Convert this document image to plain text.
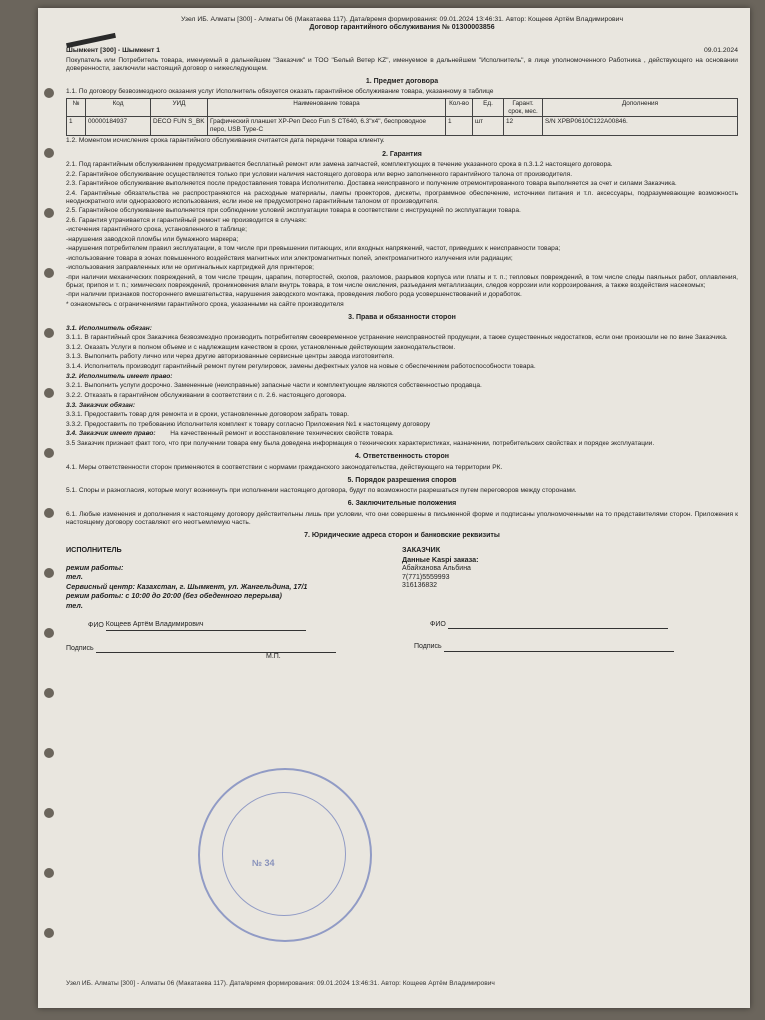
Узел ИБ. Алматы [300] - Алматы 06 (Макатаева 117). Дата/время формирования: 09.01.2024 13:46:31. Автор: Кощеев Артём Владимирович
Договор гарантийного обслуживания № 01300003856
Шымкент [300] - Шымкент 1	09.01.2024

Покупатель или Потребитель товара, именуемый в дальнейшем "Заказчик" и ТОО "Белый Ветер KZ", именуемое в дальнейшем "Исполнитель", в лице уполномоченного Работника , действующего на основании доверенности, заключили настоящий договор о нижеследующем.

1. Предмет договора

1.1. По договору безвозмездного оказания услуг Исполнитель обязуется оказать гарантийное обслуживание товара, указанному в таблице

№	Код	УИД	Наименование товара	Кол-во	Ед.	Гарант. срок, мес.	Дополнения
1	00000184937	DECO FUN S_BK	Графический планшет XP-Pen Deco Fun S CT640, 6.3"x4", беспроводное перо, USB Type-C	1	шт	12	S/N XPBP0610C122A00846.

1.2. Моментом исчисления срока гарантийного обслуживания считается дата передачи товара клиенту.

2. Гарантия

2.1. Под гарантийным обслуживанием предусматривается бесплатный ремонт или замена запчастей, комплектующих в течение указанного срока в п.3.1.2 настоящего договора.

2.2. Гарантийное обслуживание осуществляется только при условии наличия настоящего договора или верно заполненного гарантийного талона от производителя.

2.3. Гарантийное обслуживание выполняется после предоставления товара Исполнителю. Доставка неисправного и получение отремонтированного товара выполняется за счет и силами Заказчика.

2.4. Гарантийные обязательства не распространяются на расходные материалы, лампы проекторов, дискеты, программное обеспечение, источники питания и т.п. аксессуары, подразумевающие возможность неоднократного или одноразового использования, если иное не предусмотрено гарантийным талоном от производителя.

2.5. Гарантийное обслуживание выполняется при соблюдении условий эксплуатации товара в соответствии с инструкцией по эксплуатации товара.

2.6. Гарантия утрачивается и гарантийный ремонт не производится в случаях:

-истечения гарантийного срока, установленного в таблице;

-нарушения заводской пломбы или бумажного маркера;

-нарушения потребителем правил эксплуатации, в том числе при превышении питающих, или входных напряжений, частот, приведших к неисправности товара;

-использование товара в зонах повышенного воздействия магнитных или электромагнитных полей, электромагнитного излучения или радиации;

-использования заправленных или не оригинальных картриджей для принтеров;

-при наличии механических повреждений, в том числе трещин, царапин, потертостей, сколов, разломов, разрывов корпуса или платы и т. п.; тепловых повреждений, в том числе следы паяльных работ, оплавления, брызг, припоя и т. п.; химических повреждений, проникновения влаги внутрь товара, в том числе окисления, разъедания металлизации, следов коррозии или коррозирования, а также воздействия насекомых;

-при наличии признаков постороннего вмешательства, нарушения заводского монтажа, проведения любого рода усовершенствований и доработок.

* ознакомьтесь с ограничениями гарантийного срока, указанными на сайте производителя

3. Права и обязанности сторон
3.1. Исполнитель обязан:

3.1.1. В гарантийный срок Заказчика безвозмездно производить потребителям своевременное устранение неисправностей продукции, а также существенных недостатков, если они произошли не по вине Заказчика.

3.1.2. Оказать Услуги в полном объеме и с надлежащим качеством в сроки, установленные действующим законодательством.

3.1.3. Выполнить работу лично или через другие авторизованные сервисные центры завода изготовителя.

3.1.4. Исполнитель производит гарантийный ремонт путем регулировок, замены дефектных узлов на новые с обеспечением работоспособности товара.

3.2. Исполнитель имеет право:

3.2.1. Выполнить услуги досрочно. Замененные (неисправные) запасные части и комплектующие являются собственностью продавца.

3.2.2. Отказать в гарантийном обслуживании в соответствии с п. 2.6. настоящего договора.

3.3. Заказчик обязан:

3.3.1. Предоставить товар для ремонта и в сроки, установленные договором забрать товар.

3.3.2. Предоставить по требованию Исполнителя комплект к товару согласно Приложения №1 к настоящему договору

3.4. Заказчик имеет право: На качественный ремонт и восстановление технических свойств товара.

3.5 Заказчик признает факт того, что при получении товара ему была доведена информация о технических характеристиках, назначении, потребительских свойствах и порядке эксплуатации.

4. Ответственность сторон

4.1. Меры ответственности сторон применяются в соответствии с нормами гражданского законодательства, действующего на территории РК.

5. Порядок разрешения споров

5.1. Споры и разногласия, которые могут возникнуть при исполнении настоящего договора, будут по возможности разрешаться путем переговоров между сторонами.

6. Заключительные положения

6.1. Любые изменения и дополнения к настоящему договору действительны лишь при условии, что они совершены в письменной форме и подписаны уполномоченными на то представителями сторон. Приложения к настоящему договору составляют его неотъемлемую часть.

7. Юридические адреса сторон и банковские реквизиты
ИСПОЛНИТЕЛЬ
режим работы:
тел.
Сервисный центр: Казахстан, г. Шымкент, ул. Жангельдина, 17/1
режим работы: с 10:00 до 20:00 (без обеденного перерыва)
тел.
ФИО Кощеев Артём Владимирович
Подпись
М.П.
ЗАКАЗЧИК
Данные Kaspi заказа:
Абайханова Альбина
7(771)5559993
316136832
ФИО
Подпись
№ 34
Узел ИБ. Алматы [300] - Алматы 06 (Макатаева 117). Дата/время формирования: 09.01.2024 13:46:31. Автор: Кощеев Артём Владимирович
